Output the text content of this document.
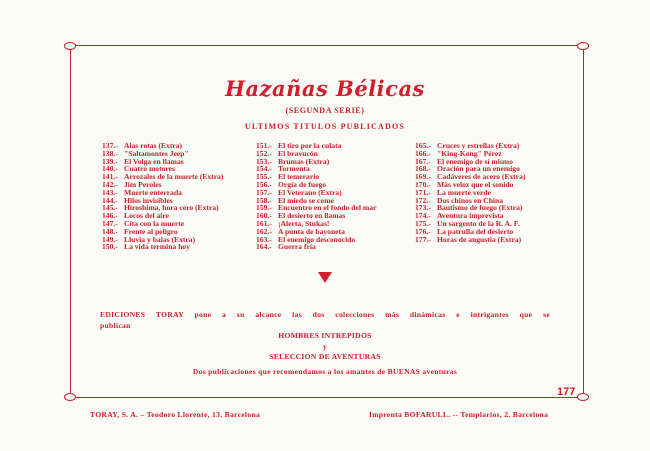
Hazañas Bélicas
(SEGUNDA SERIE)
ULTIMOS TITULOS PUBLICADOS
137.- Alas rotas (Extra)
138.- "Saltamontes Jeep"
139.- El Volga en llamas
140.- Cuatro motores
141.- Arrozales de la muerte (Extra)
142.- Jim Peroles
143.- Muerte enterrada
144.- Hilos invisibles
145.- Hiroshima, hora cero (Extra)
146.- Locos del aire
147.- Cita con la muerte
148.- Frente al peligro
149.- Lluvia y balas (Extra)
150.- La vida termina hoy
151.- El tiro por la culata
152.- El bravucón
153.- Brumas (Extra)
154.- Tormenta
155.- El temerario
156.- Orgía de fuego
157.- El Veterano (Extra)
158.- El miedo se come
159.- Encuentro en el fondo del mar
160.- El desierto en llamas
161.- ¡Alerta, Stukas!
162.- A punta de bayoneta
163.- El enemigo desconocido
164.- Guerra fría
165.- Cruces y estrellas (Extra)
166.- "King-Kong" Pérez
167.- El enemigo de sí mismo
168.- Oración para un enemigo
169.- Cadáveres de acero (Extra)
170.- Más veloz que el sonido
171.- La muerte verde
172.- Dos chinos en China
173.- Bautismo de fuego (Extra)
174.- Aventura imprevista
175.- Un sargento de la R. A. F.
176.- La patrulla del desierto
177.- Horas de angustia (Extra)
EDICIONES TORAY pone a su alcance las dos colecciones más dinámicas e intrigantes que se
publican
HOMBRES INTREPIDOS
y
SELECCION DE AVENTURAS
Dos publicaciones que recomendamos a los amantes de BUENAS aventuras
177
TORAY, S. A. – Teodoro Llorente, 13. Barcelona	Imprenta BOFARULL. -- Templarios, 2. Barcelona
